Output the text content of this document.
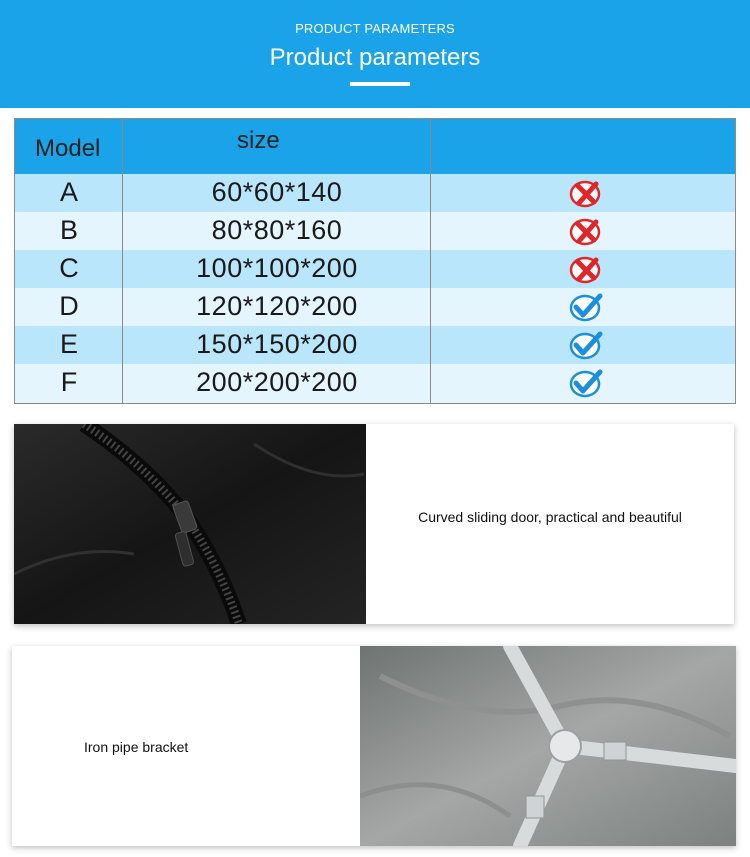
PRODUCT PARAMETERS
Product parameters
Model	size
A	60*60*140
B	80*80*160
C	100*100*200
D	120*120*200
E	150*150*200
F	200*200*200
Curved sliding door, practical and beautiful
Iron pipe bracket
